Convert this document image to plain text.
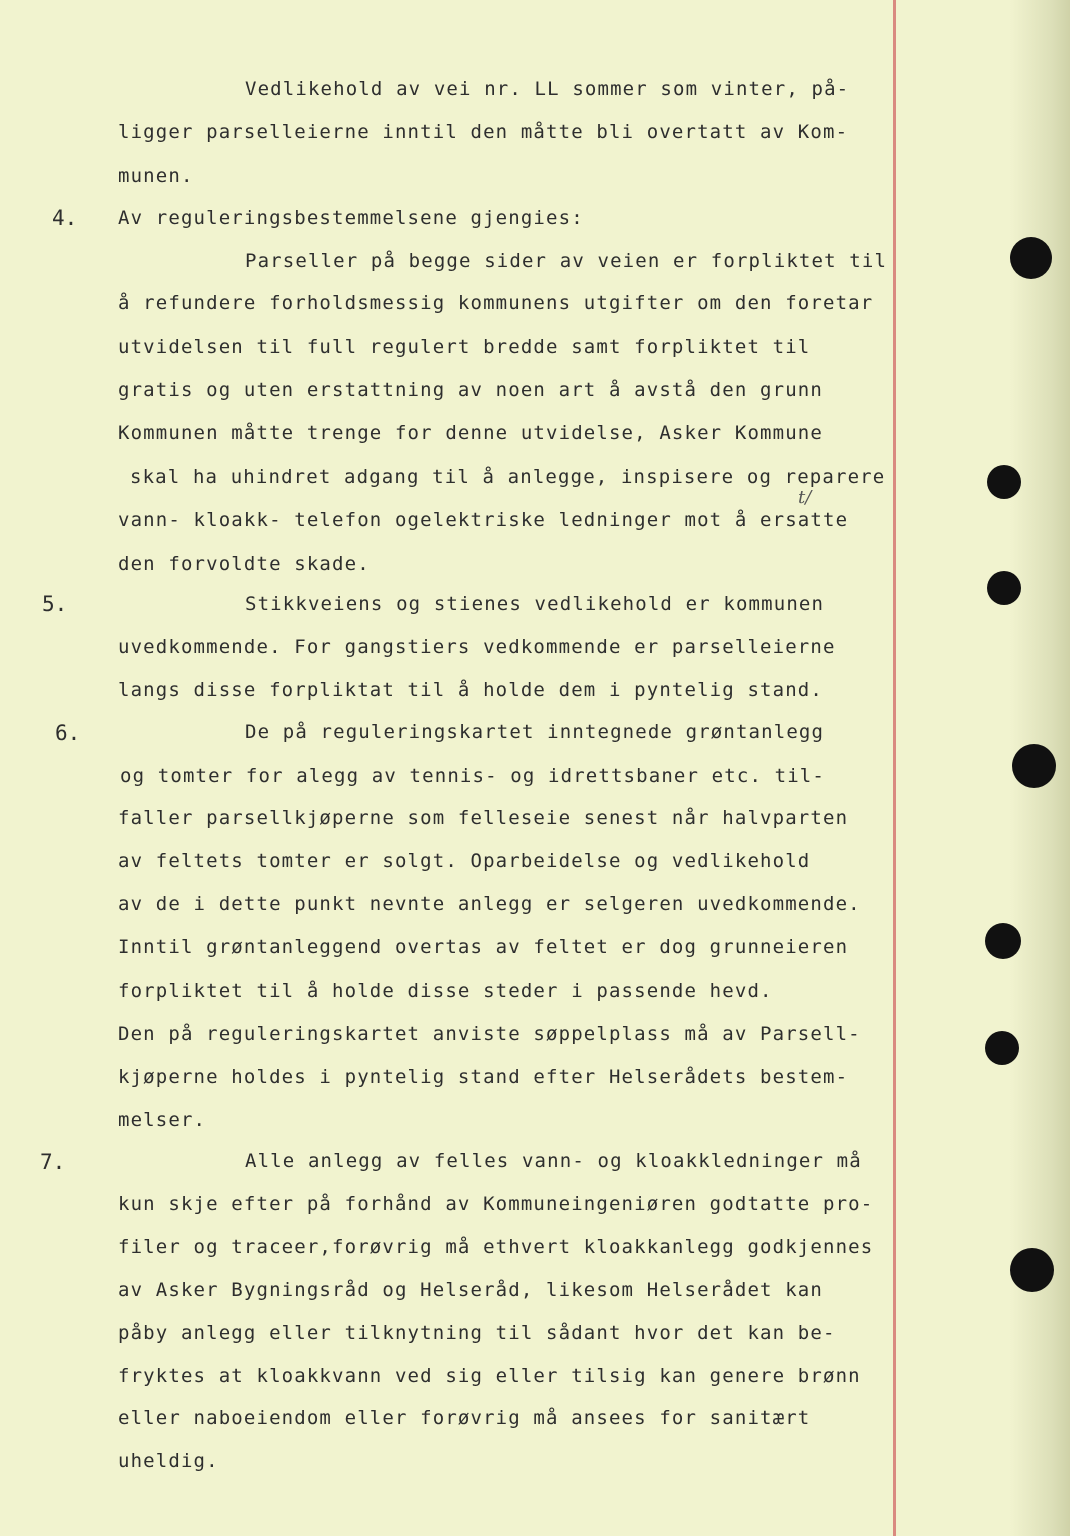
4.
5.
6.
7.
Vedlikehold av vei nr. LL sommer som vinter, på-
ligger parselleierne inntil den måtte bli overtatt av Kom-
munen.
Av reguleringsbestemmelsene gjengies:
Parseller på begge sider av veien er forpliktet til
å refundere forholdsmessig kommunens utgifter om den foretar
utvidelsen til full regulert bredde samt forpliktet til
gratis og uten erstattning av noen art å avstå den grunn
Kommunen måtte trenge for denne utvidelse, Asker Kommune
skal ha uhindret adgang til å anlegge, inspisere og reparere
vann- kloakk- telefon ogelektriske ledninger mot å ersatte
den forvoldte skade.
Stikkveiens og stienes vedlikehold er kommunen
uvedkommende. For gangstiers vedkommende er parselleierne
langs disse forpliktat til å holde dem i pyntelig stand.
De på reguleringskartet inntegnede grøntanlegg
og tomter for alegg av tennis- og idrettsbaner etc. til-
faller parsellkjøperne som felleseie senest når halvparten
av feltets tomter er solgt. Oparbeidelse og vedlikehold
av de i dette punkt nevnte anlegg er selgeren uvedkommende.
Inntil grøntanleggend overtas av feltet er dog grunneieren
forpliktet til å holde disse steder i passende hevd.
Den på reguleringskartet anviste søppelplass må av Parsell-
kjøperne holdes i pyntelig stand efter Helserådets bestem-
melser.
Alle anlegg av felles vann- og kloakkledninger må
kun skje efter på forhånd av Kommuneingeniøren godtatte pro-
filer og traceer,forøvrig må ethvert kloakkanlegg godkjennes
av Asker Bygningsråd og Helseråd, likesom Helserådet kan
påby anlegg eller tilknytning til sådant hvor det kan be-
fryktes at kloakkvann ved sig eller tilsig kan genere brønn
eller naboeiendom eller forøvrig må ansees for sanitært
uheldig.
t/
